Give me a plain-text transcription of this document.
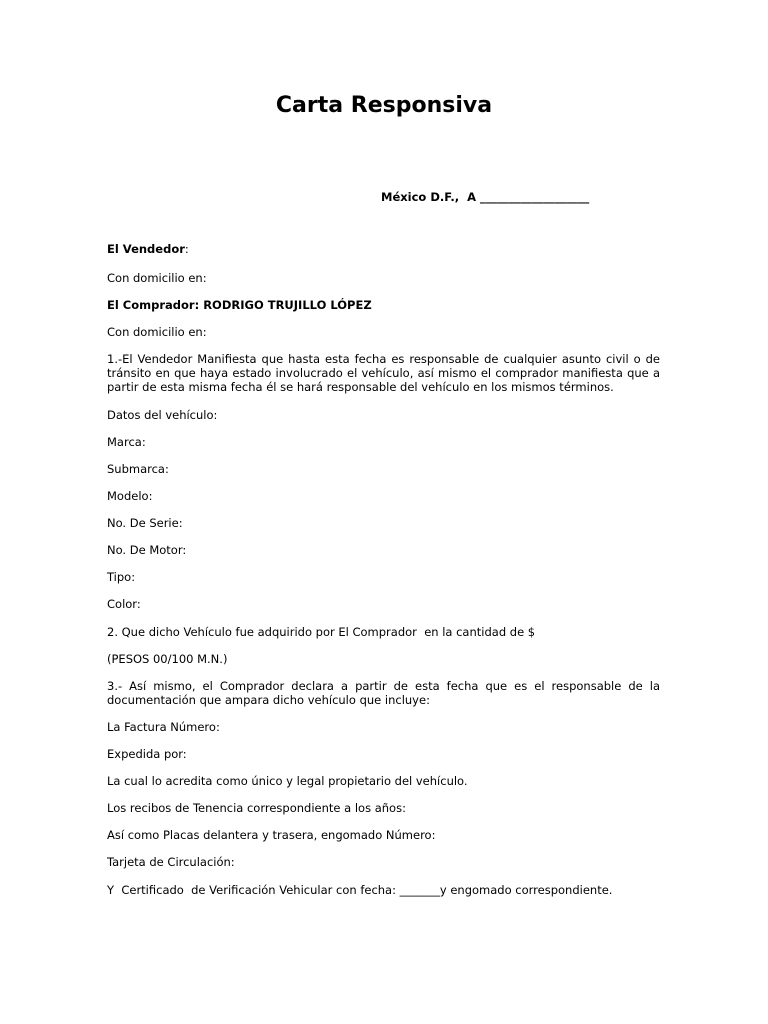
Carta Responsiva
México D.F.,  A ___________________
El Vendedor:
Con domicilio en:
El Comprador: RODRIGO TRUJILLO LÓPEZ
Con domicilio en:
1.-El Vendedor Manifiesta que hasta esta fecha es responsable de cualquier asunto civil o de
tránsito en que haya estado involucrado el vehículo, así mismo el comprador manifiesta que a
partir de esta misma fecha él se hará responsable del vehículo en los mismos términos.
Datos del vehículo:
Marca:
Submarca:
Modelo:
No. De Serie:
No. De Motor:
Tipo:
Color:
2. Que dicho Vehículo fue adquirido por El Comprador  en la cantidad de $
(PESOS 00/100 M.N.)
3.- Así mismo, el Comprador declara a partir de esta fecha que es el responsable de la
documentación que ampara dicho vehículo que incluye:
La Factura Número:
Expedida por:
La cual lo acredita como único y legal propietario del vehículo.
Los recibos de Tenencia correspondiente a los años:
Así como Placas delantera y trasera, engomado Número:
Tarjeta de Circulación:
Y  Certificado  de Verificación Vehicular con fecha: _______y engomado correspondiente.
